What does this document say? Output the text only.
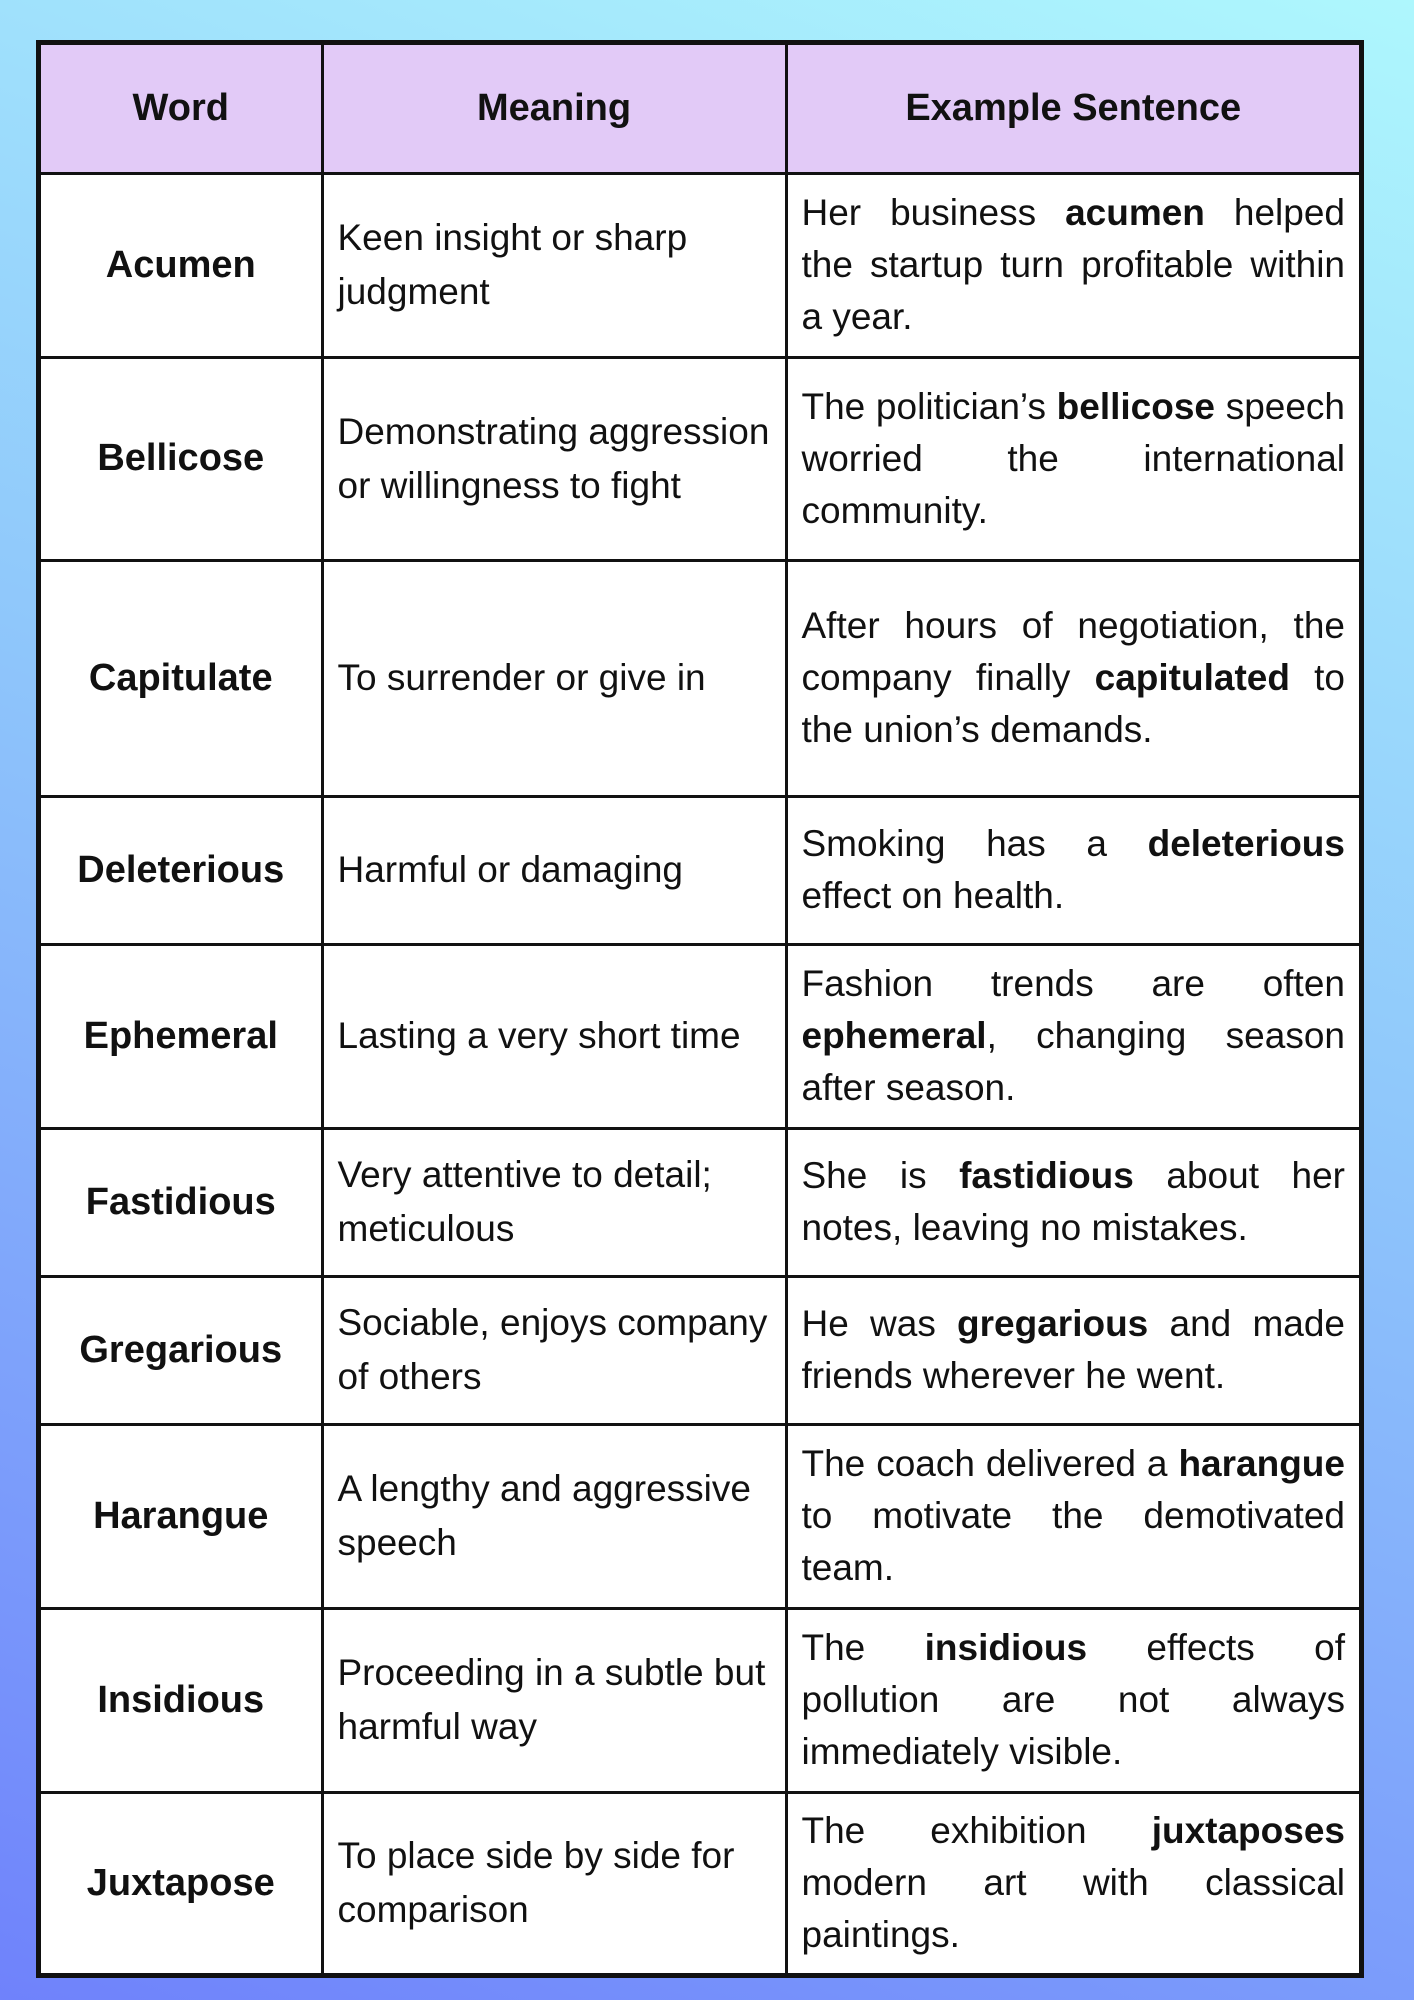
Word	Meaning	Example Sentence
Acumen	Keen insight or sharp judgment	Her business acumen helped the startup turn profitable within a year.
Bellicose	Demonstrating aggression or willingness to fight	The politician’s bellicose speech worried the international community.
Capitulate	To surrender or give in	After hours of negotiation, the company finally capitulated to the union’s demands.
Deleterious	Harmful or damaging	Smoking has a deleterious effect on health.
Ephemeral	Lasting a very short time	Fashion trends are often ephemeral, changing season after season.
Fastidious	Very attentive to detail; meticulous	She is fastidious about her notes, leaving no mistakes.
Gregarious	Sociable, enjoys company of others	He was gregarious and made friends wherever he went.
Harangue	A lengthy and aggressive speech	The coach delivered a harangue to motivate the demotivated team.
Insidious	Proceeding in a subtle but harmful way	The insidious effects of pollution are not always immediately visible.
Juxtapose	To place side by side for comparison	The exhibition juxtaposes modern art with classical paintings.
